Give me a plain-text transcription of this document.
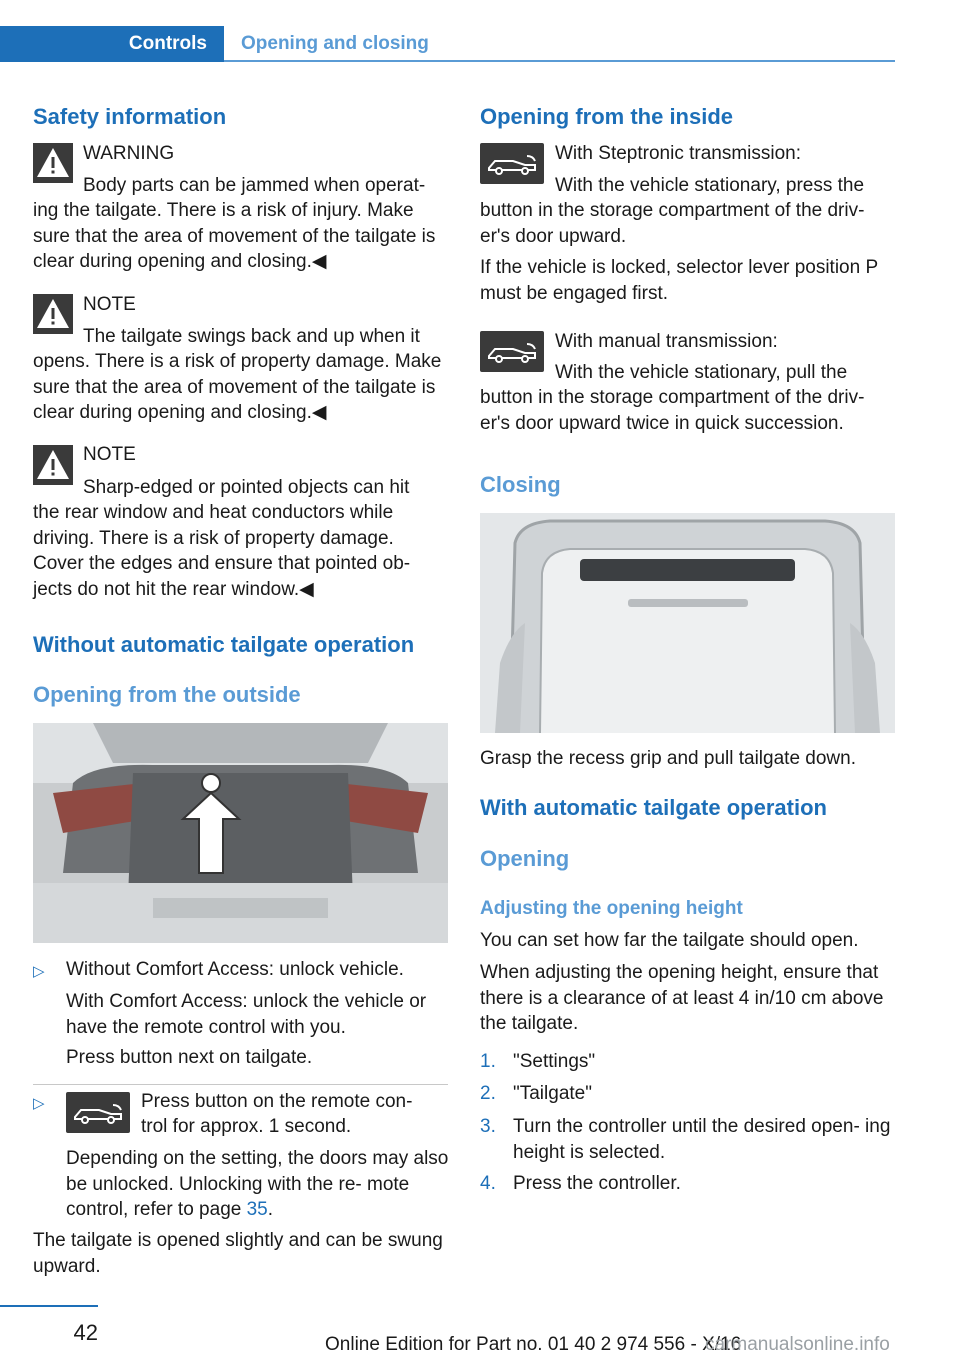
Controls	Opening and closing
Safety information
WARNING
Body parts can be jammed when operat‐
ing the tailgate. There is a risk of injury. Make sure that the area of movement of the tailgate is clear during opening and closing.◀
NOTE
The tailgate swings back and up when it
opens. There is a risk of property damage. Make sure that the area of movement of the tailgate is clear during opening and closing.◀
NOTE
Sharp-edged or pointed objects can hit
the rear window and heat conductors while driving. There is a risk of property damage. Cover the edges and ensure that pointed ob‐ jects do not hit the rear window.◀
Without automatic tailgate operation
Opening from the outside
▷ Without Comfort Access: unlock vehicle.
With Comfort Access: unlock the vehicle or have the remote control with you.
Press button next on tailgate.
▷	Press button on the remote con‐
trol for approx. 1 second.
Depending on the setting, the doors may also be unlocked. Unlocking with the re‐ mote control, refer to page 35.
The tailgate is opened slightly and can be swung upward.
Opening from the inside
With Steptronic transmission:
With the vehicle stationary, press the
button in the storage compartment of the driv‐ er's door upward.
If the vehicle is locked, selector lever position P must be engaged first.
With manual transmission:
With the vehicle stationary, pull the
button in the storage compartment of the driv‐ er's door upward twice in quick succession.
Closing
Grasp the recess grip and pull tailgate down.
With automatic tailgate operation
Opening
Adjusting the opening height
You can set how far the tailgate should open.
When adjusting the opening height, ensure that there is a clearance of at least 4 in/10 cm above the tailgate.
1. "Settings"
2. "Tailgate"
3. Turn the controller until the desired open‐ ing height is selected.
4. Press the controller.
42	Online Edition for Part no. 01 40 2 974 556 - X/16
carmanualsonline.info
